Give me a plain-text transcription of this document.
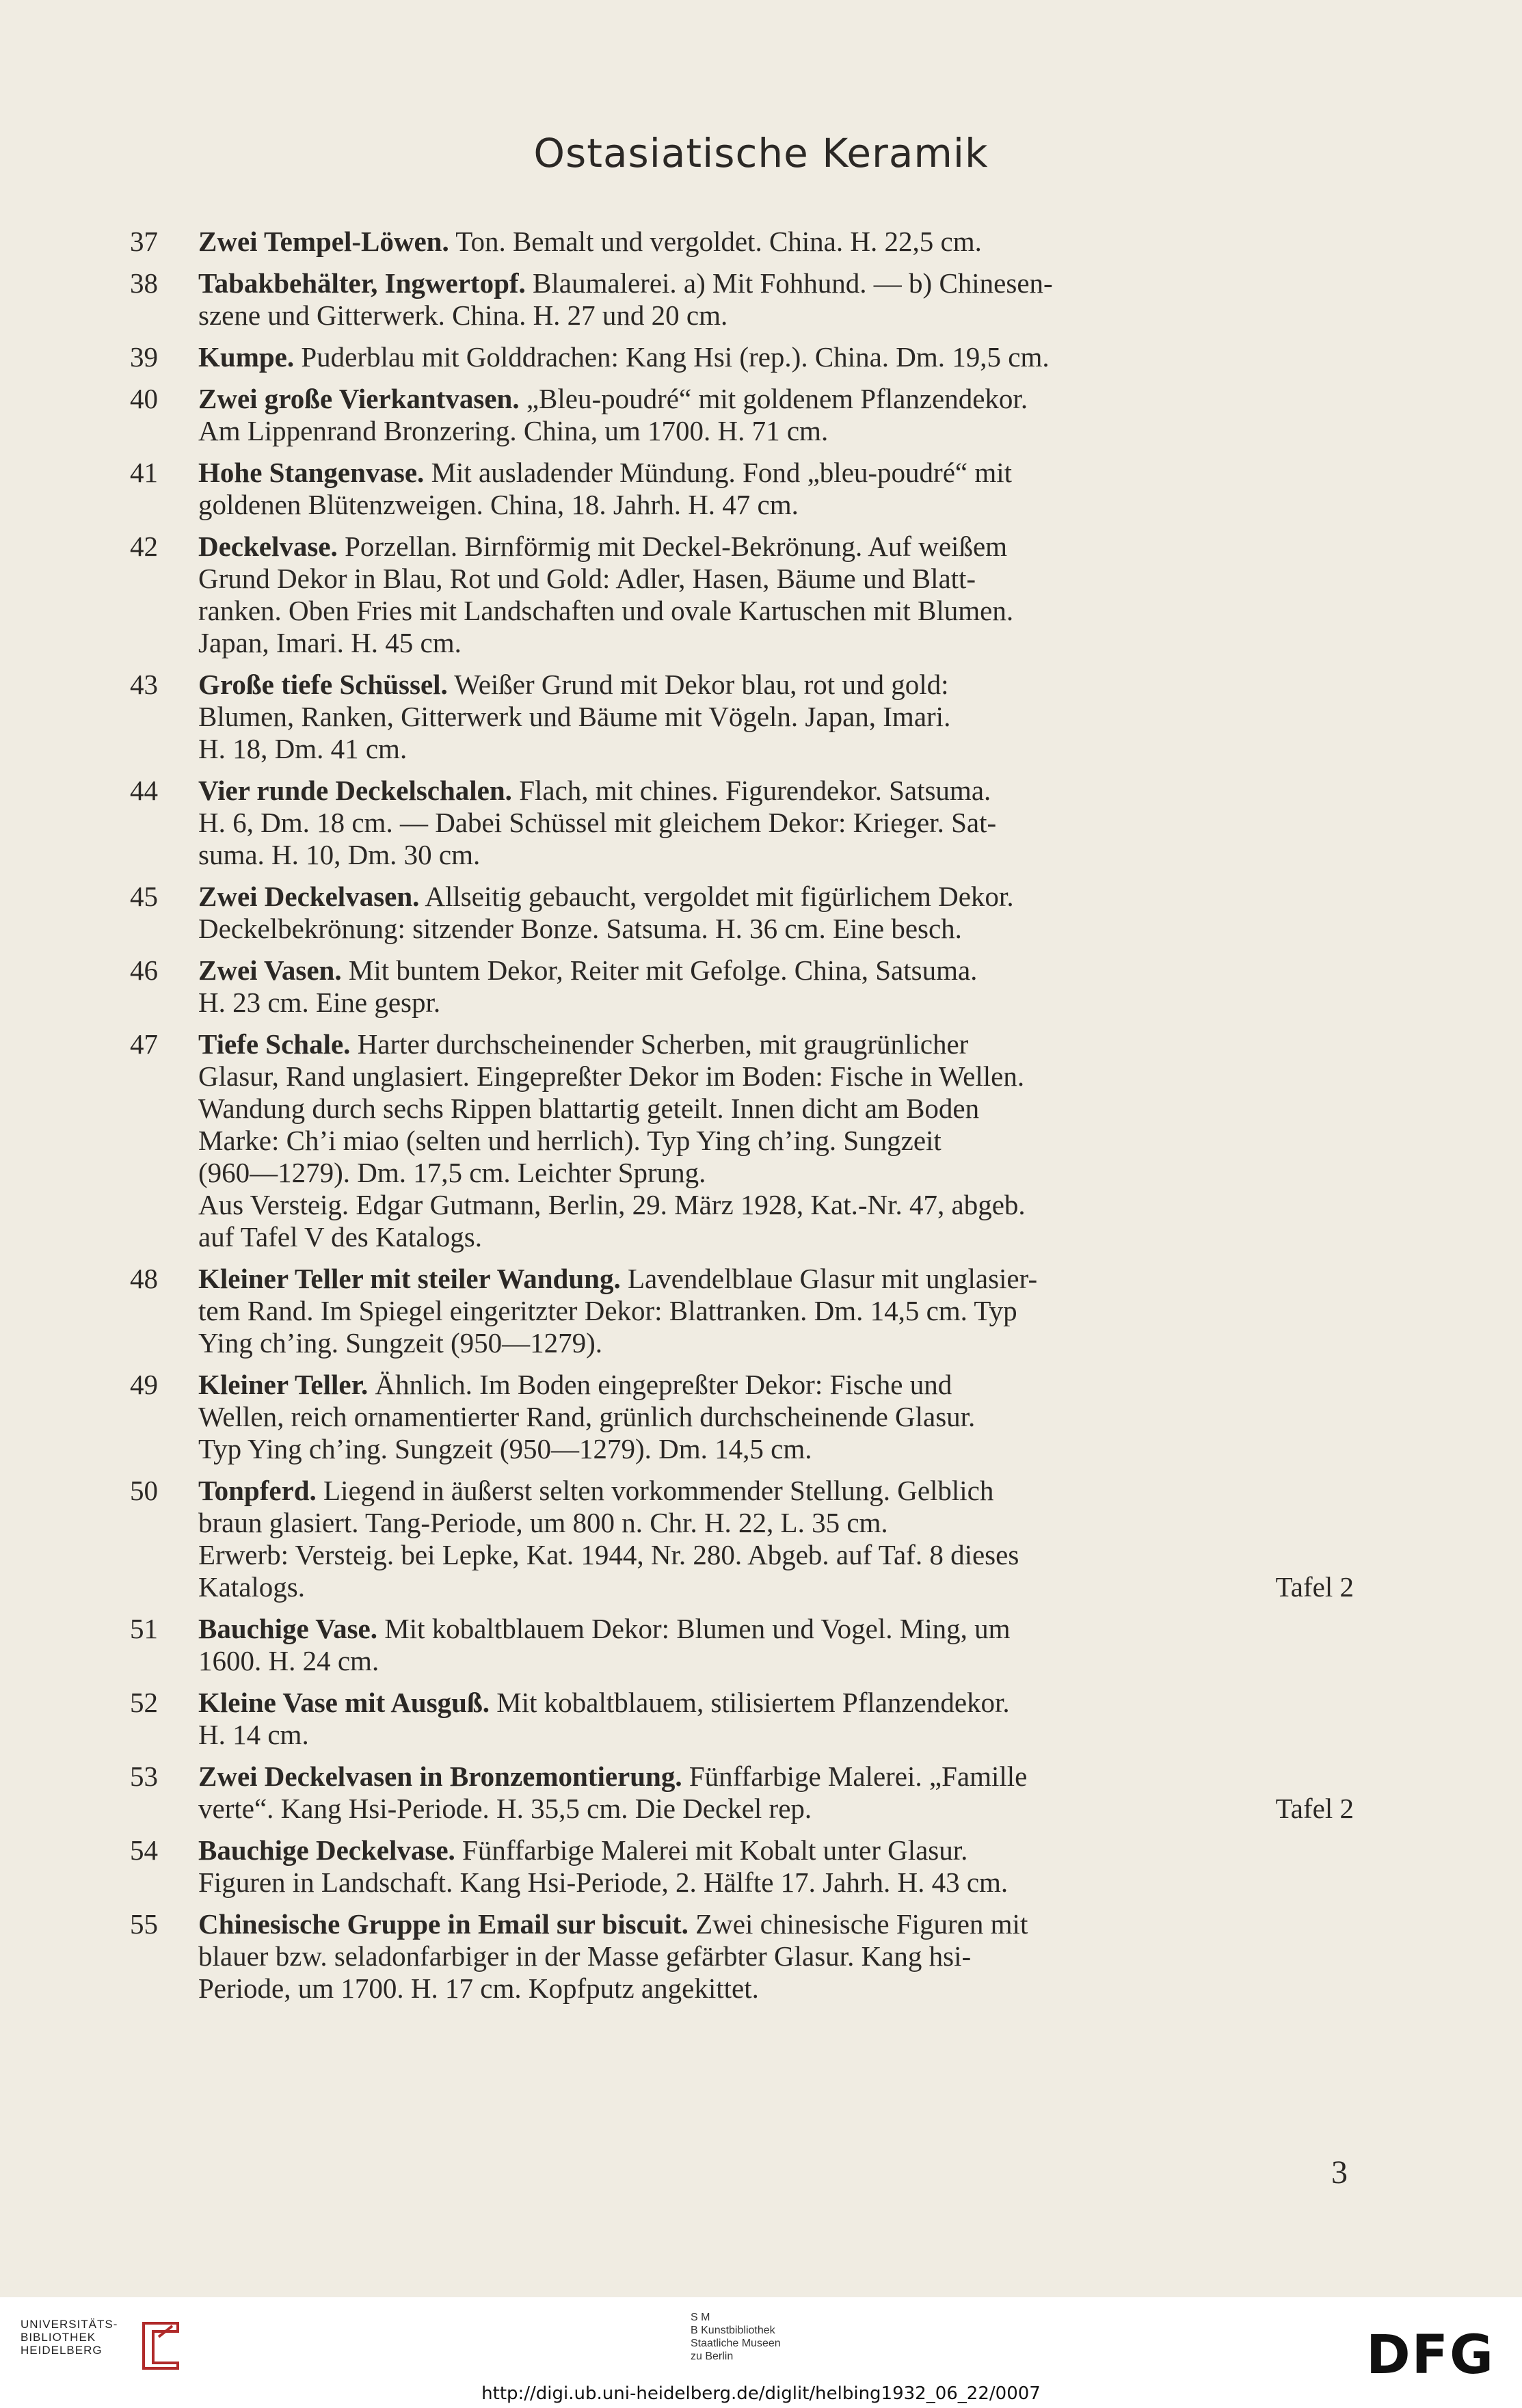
Ostasiatische Keramik
37	Zwei Tempel-Löwen. Ton. Bemalt und vergoldet. China. H. 22,5 cm.
38	Tabakbehälter, Ingwertopf. Blaumalerei. a) Mit Fohhund. — b) Chinesen-
szene und Gitterwerk. China. H. 27 und 20 cm.
39	Kumpe. Puderblau mit Golddrachen: Kang Hsi (rep.). China. Dm. 19,5 cm.
40	Zwei große Vierkantvasen. „Bleu-poudré“ mit goldenem Pflanzendekor.
Am Lippenrand Bronzering. China, um 1700. H. 71 cm.
41	Hohe Stangenvase. Mit ausladender Mündung. Fond „bleu-poudré“ mit
goldenen Blütenzweigen. China, 18. Jahrh. H. 47 cm.
42	Deckelvase. Porzellan. Birnförmig mit Deckel-Bekrönung. Auf weißem
Grund Dekor in Blau, Rot und Gold: Adler, Hasen, Bäume und Blatt-
ranken. Oben Fries mit Landschaften und ovale Kartuschen mit Blumen.
Japan, Imari. H. 45 cm.
43	Große tiefe Schüssel. Weißer Grund mit Dekor blau, rot und gold:
Blumen, Ranken, Gitterwerk und Bäume mit Vögeln. Japan, Imari.
H. 18, Dm. 41 cm.
44	Vier runde Deckelschalen. Flach, mit chines. Figurendekor. Satsuma.
H. 6, Dm. 18 cm. — Dabei Schüssel mit gleichem Dekor: Krieger. Sat-
suma. H. 10, Dm. 30 cm.
45	Zwei Deckelvasen. Allseitig gebaucht, vergoldet mit figürlichem Dekor.
Deckelbekrönung: sitzender Bonze. Satsuma. H. 36 cm. Eine besch.
46	Zwei Vasen. Mit buntem Dekor, Reiter mit Gefolge. China, Satsuma.
H. 23 cm. Eine gespr.
47	Tiefe Schale. Harter durchscheinender Scherben, mit graugrünlicher
Glasur, Rand unglasiert. Eingepreßter Dekor im Boden: Fische in Wellen.
Wandung durch sechs Rippen blattartig geteilt. Innen dicht am Boden
Marke: Ch’i miao (selten und herrlich). Typ Ying ch’ing. Sungzeit
(960—1279). Dm. 17,5 cm. Leichter Sprung.
Aus Versteig. Edgar Gutmann, Berlin, 29. März 1928, Kat.-Nr. 47, abgeb.
auf Tafel V des Katalogs.
48	Kleiner Teller mit steiler Wandung. Lavendelblaue Glasur mit unglasier-
tem Rand. Im Spiegel eingeritzter Dekor: Blattranken. Dm. 14,5 cm. Typ
Ying ch’ing. Sungzeit (950—1279).
49	Kleiner Teller. Ähnlich. Im Boden eingepreßter Dekor: Fische und
Wellen, reich ornamentierter Rand, grünlich durchscheinende Glasur.
Typ Ying ch’ing. Sungzeit (950—1279). Dm. 14,5 cm.
50	Tonpferd. Liegend in äußerst selten vorkommender Stellung. Gelblich
braun glasiert. Tang-Periode, um 800 n. Chr. H. 22, L. 35 cm.
Erwerb: Versteig. bei Lepke, Kat. 1944, Nr. 280. Abgeb. auf Taf. 8 dieses
Katalogs.	Tafel 2
51	Bauchige Vase. Mit kobaltblauem Dekor: Blumen und Vogel. Ming, um
1600. H. 24 cm.
52	Kleine Vase mit Ausguß. Mit kobaltblauem, stilisiertem Pflanzendekor.
H. 14 cm.
53	Zwei Deckelvasen in Bronzemontierung. Fünffarbige Malerei. „Famille
verte“. Kang Hsi-Periode. H. 35,5 cm. Die Deckel rep.	Tafel 2
54	Bauchige Deckelvase. Fünffarbige Malerei mit Kobalt unter Glasur.
Figuren in Landschaft. Kang Hsi-Periode, 2. Hälfte 17. Jahrh. H. 43 cm.
55	Chinesische Gruppe in Email sur biscuit. Zwei chinesische Figuren mit
blauer bzw. seladonfarbiger in der Masse gefärbter Glasur. Kang hsi-
Periode, um 1700. H. 17 cm. Kopfputz angekittet.
3
UNIVERSITÄTS-
BIBLIOTHEK
HEIDELBERG
S M
B Kunstbibliothek
Staatliche Museen
zu Berlin	DFG
http://digi.ub.uni-heidelberg.de/diglit/helbing1932_06_22/0007
